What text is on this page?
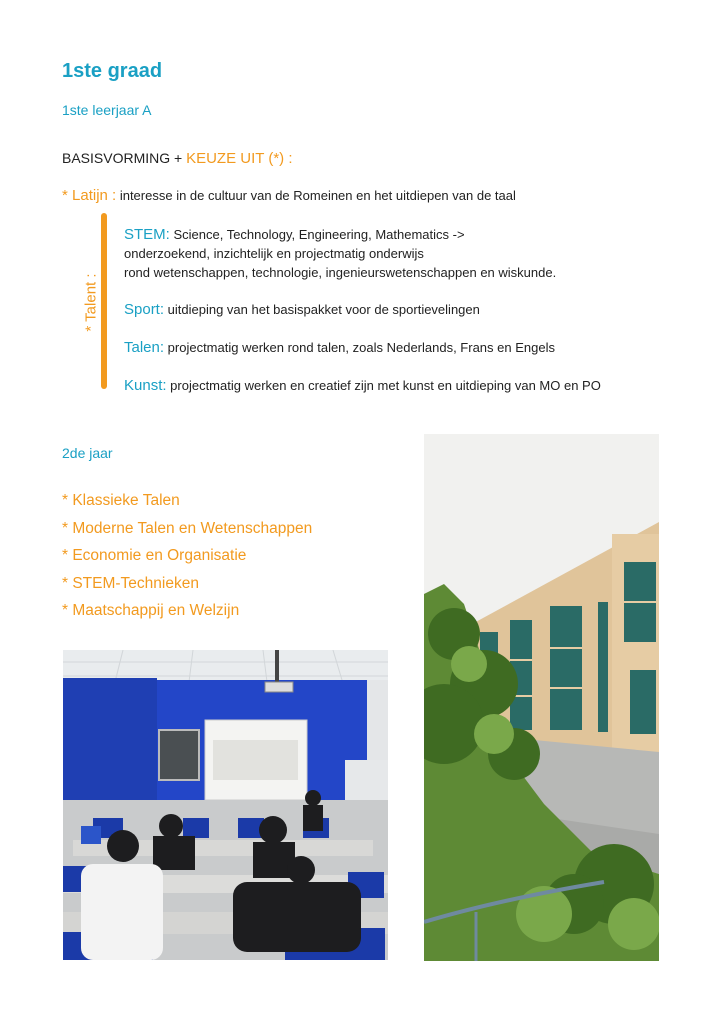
1ste graad
1ste leerjaar A
BASISVORMING + KEUZE UIT (*) :
* Latijn : interesse in de cultuur van de Romeinen en het uitdiepen van de taal
* Talent :
STEM: Science, Technology, Engineering, Mathematics ->
onderzoekend, inzichtelijk en projectmatig onderwijs
rond wetenschappen, technologie, ingenieurswetenschappen en wiskunde.
Sport: uitdieping van het basispakket voor de sportievelingen
Talen: projectmatig werken rond talen, zoals Nederlands, Frans en Engels
Kunst: projectmatig werken en creatief zijn met kunst en uitdieping van MO en PO
2de jaar
* Klassieke Talen
* Moderne Talen en Wetenschappen
* Economie en Organisatie
* STEM-Technieken
* Maatschappij en Welzijn
